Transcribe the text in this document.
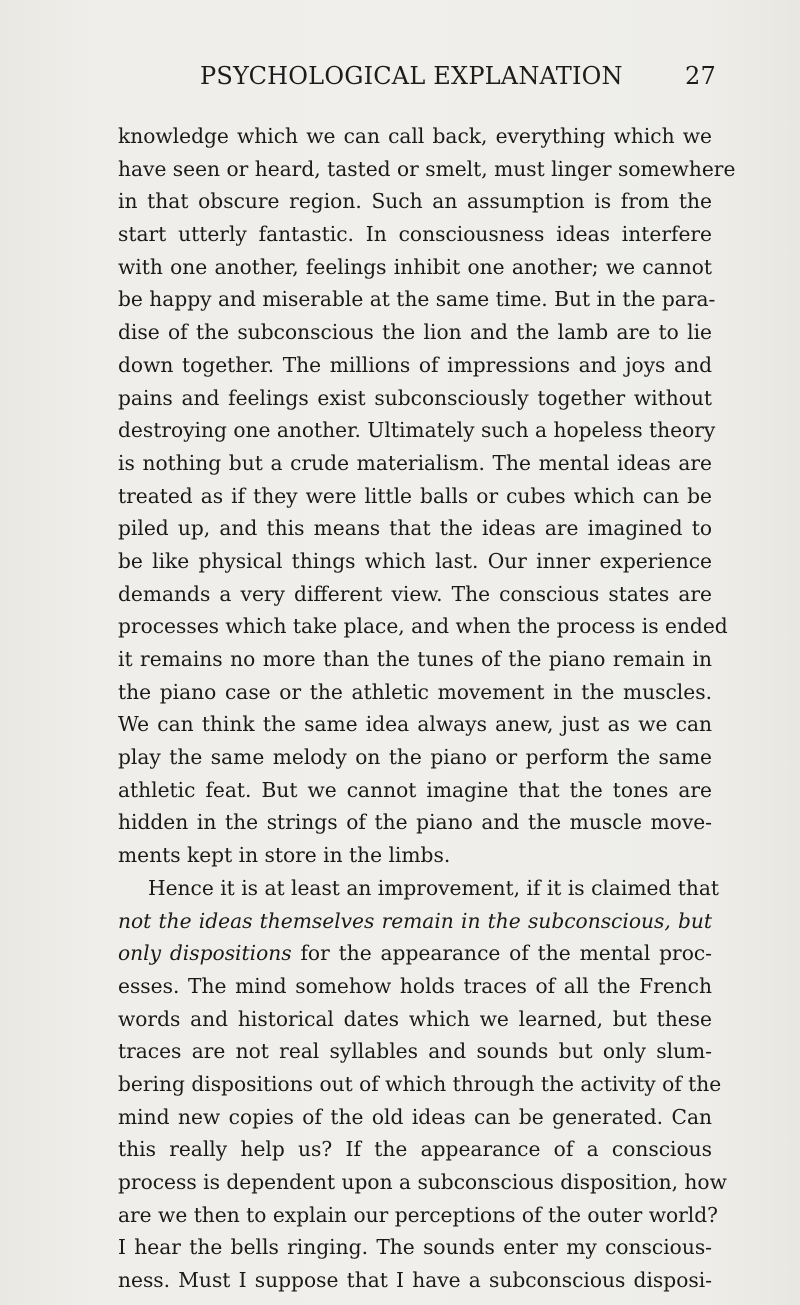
PSYCHOLOGICAL EXPLANATION	27
knowledge which we can call back, everything which we
have seen or heard, tasted or smelt, must linger somewhere
in that obscure region. Such an assumption is from the
start utterly fantastic. In consciousness ideas interfere
with one another, feelings inhibit one another; we cannot
be happy and miserable at the same time. But in the para-
dise of the subconscious the lion and the lamb are to lie
down together. The millions of impressions and joys and
pains and feelings exist subconsciously together without
destroying one another. Ultimately such a hopeless theory
is nothing but a crude materialism. The mental ideas are
treated as if they were little balls or cubes which can be
piled up, and this means that the ideas are imagined to
be like physical things which last. Our inner experience
demands a very different view. The conscious states are
processes which take place, and when the process is ended
it remains no more than the tunes of the piano remain in
the piano case or the athletic movement in the muscles.
We can think the same idea always anew, just as we can
play the same melody on the piano or perform the same
athletic feat. But we cannot imagine that the tones are
hidden in the strings of the piano and the muscle move-
ments kept in store in the limbs.
Hence it is at least an improvement, if it is claimed that
not the ideas themselves remain in the subconscious, but
only dispositions for the appearance of the mental proc-
esses. The mind somehow holds traces of all the French
words and historical dates which we learned, but these
traces are not real syllables and sounds but only slum-
bering dispositions out of which through the activity of the
mind new copies of the old ideas can be generated. Can
this really help us? If the appearance of a conscious
process is dependent upon a subconscious disposition, how
are we then to explain our perceptions of the outer world?
I hear the bells ringing. The sounds enter my conscious-
ness. Must I suppose that I have a subconscious disposi-
